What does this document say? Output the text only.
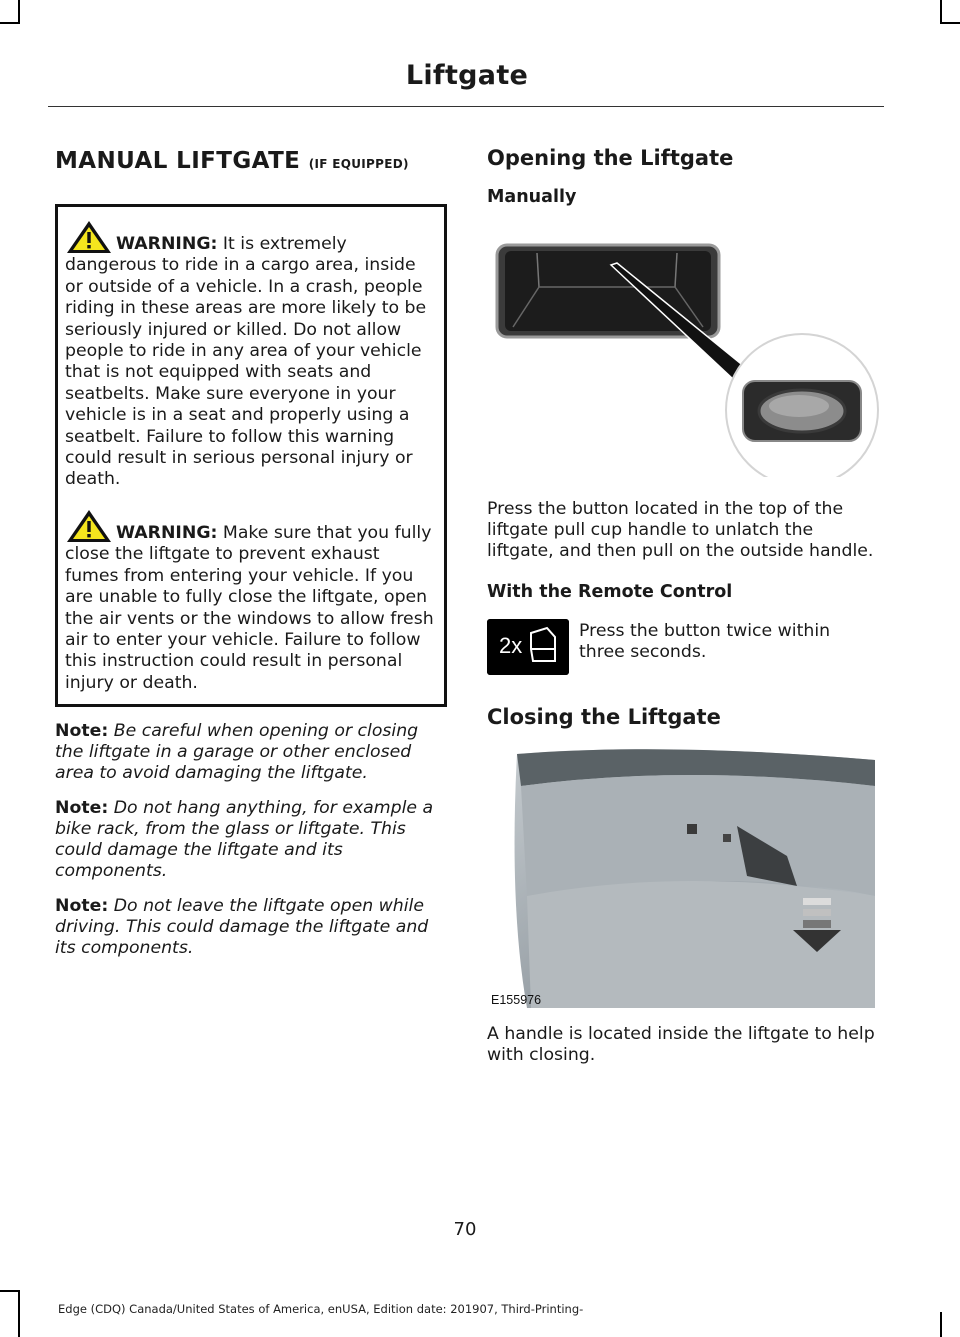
Liftgate
MANUAL LIFTGATE (IF EQUIPPED)

WARNING: It is extremely dangerous to ride in a cargo area, inside or outside of a vehicle. In a crash, people riding in these areas are more likely to be seriously injured or killed. Do not allow people to ride in any area of your vehicle that is not equipped with seats and seatbelts. Make sure everyone in your vehicle is in a seat and properly using a seatbelt. Failure to follow this warning could result in serious personal injury or death.

WARNING: Make sure that you fully close the liftgate to prevent exhaust fumes from entering your vehicle. If you are unable to fully close the liftgate, open the air vents or the windows to allow fresh air to enter your vehicle. Failure to follow this instruction could result in personal injury or death.

Note: Be careful when opening or closing the liftgate in a garage or other enclosed area to avoid damaging the liftgate.

Note: Do not hang anything, for example a bike rack, from the glass or liftgate. This could damage the liftgate and its components.

Note: Do not leave the liftgate open while driving. This could damage the liftgate and its components.

Opening the Liftgate
Manually

Press the button located in the top of the liftgate pull cup handle to unlatch the liftgate, and then pull on the outside handle.

With the Remote Control
2x
Press the button twice within three seconds.
Closing the Liftgate
E155976

A handle is located inside the liftgate to help with closing.

70
Edge (CDQ) Canada/United States of America, enUSA, Edition date: 201907, Third-Printing-
